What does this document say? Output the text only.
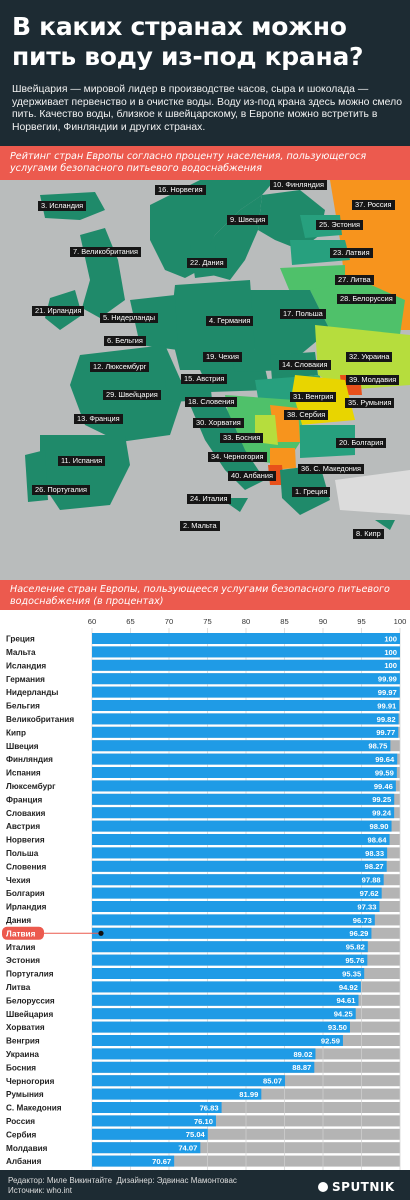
В каких странах можно пить воду из-под крана?
Швейцария — мировой лидер в производстве часов, сыра и шоколада — удерживает первенство и в очистке воды. Воду из-под крана здесь можно смело пить. Качество воды, близкое к швейцарскому, в Европе можно встретить в Норвегии, Финляндии и других странах.
Рейтинг стран Европы согласно проценту населения, пользующегося услугами безопасного питьевого водоснабжения
1. Греция
2. Мальта
3. Исландия
4. Германия
5. Нидерланды
6. Бельгия
7. Великобритания
8. Кипр
9. Швеция
10. Финляндия
11. Испания
12. Люксембург
13. Франция
14. Словакия
15. Австрия
16. Норвегия
17. Польша
18. Словения
19. Чехия
20. Болгария
21. Ирландия
22. Дания
23. Латвия
24. Италия
25. Эстония
26. Португалия
27. Литва
28. Белоруссия
29. Швейцария
30. Хорватия
31. Венгрия
32. Украина
33. Босния
34. Черногория
35. Румыния
36. С. Македония
37. Россия
38. Сербия
39. Молдавия
40. Албания
Население стран Европы, пользующееся услугами безопасного питьевого водоснабжения (в процентах)
60	65	70	75	80	85	90	95	100
Греция	100
Мальта	100
Исландия	100
Германия	99.99
Нидерланды	99.97
Бельгия	99.91
Великобритания	99.82
Кипр	99.77
Швеция	98.75
Финляндия	99.64
Испания	99.59
Люксембург	99.46
Франция	99.25
Словакия	99.24
Австрия	98.90
Норвегия	98.64
Польша	98.33
Словения	98.27
Чехия	97.88
Болгария	97.62
Ирландия	97.33
Дания	96.73
Латвия	96.29
Италия	95.82
Эстония	95.76
Португалия	95.35
Литва	94.92
Белоруссия	94.61
Швейцария	94.25
Хорватия	93.50
Венгрия	92.59
Украина	89.02
Босния	88.87
Черногория	85.07
Румыния	81.99
С. Македония	76.83
Россия	76.10
Сербия	75.04
Молдавия	74.07
Албания	70.67
Редактор: Миле Викинтайте Дизайнер: Эдвинас Мамонтовас
Источник: who.int	SPUTNIK
